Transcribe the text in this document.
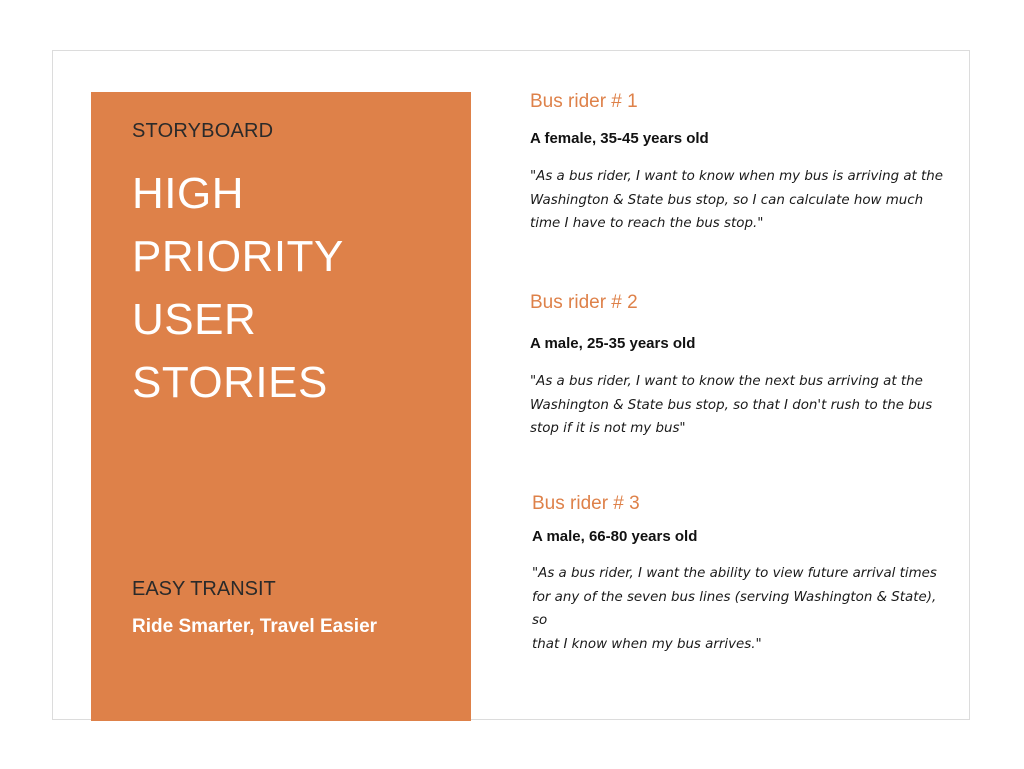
STORYBOARD
HIGH
PRIORITY
USER
STORIES
EASY TRANSIT
Ride Smarter, Travel Easier
Bus rider # 1

A female, 35-45 years old

"As a bus rider, I want to know when my bus is arriving at the
Washington & State bus stop, so I can calculate how much
time I have to reach the bus stop."
Bus rider # 2

A male, 25-35 years old

"As a bus rider, I want to know the next bus arriving at the
Washington & State bus stop, so that I don't rush to the bus
stop if it is not my bus"
Bus rider # 3

A male, 66-80 years old

"As a bus rider, I want the ability to view future arrival times
for any of the seven bus lines (serving Washington & State), so
that I know when my bus arrives."
